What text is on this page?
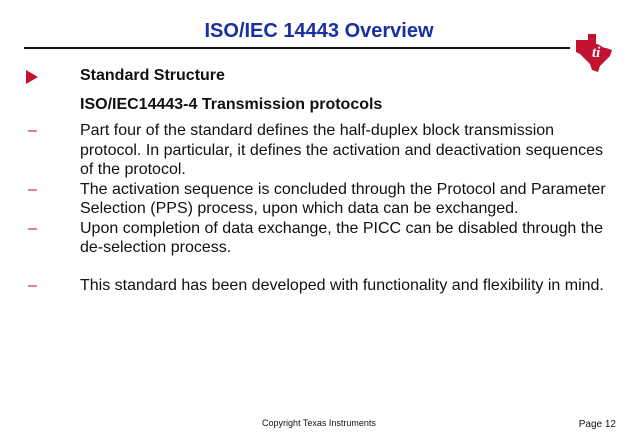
ISO/IEC 14443 Overview
ti
Standard Structure
ISO/IEC14443-4 Transmission protocols
–	Part four of the standard defines the half-duplex block transmission protocol. In particular, it defines the activation and deactivation sequences of the protocol.
–	The activation sequence is concluded through the Protocol and Parameter Selection (PPS) process, upon which data can be exchanged.
–	Upon completion of data exchange, the PICC can be disabled through the de-selection process.
–	This standard has been developed with functionality and flexibility in mind.
Copyright Texas Instruments	Page 12
